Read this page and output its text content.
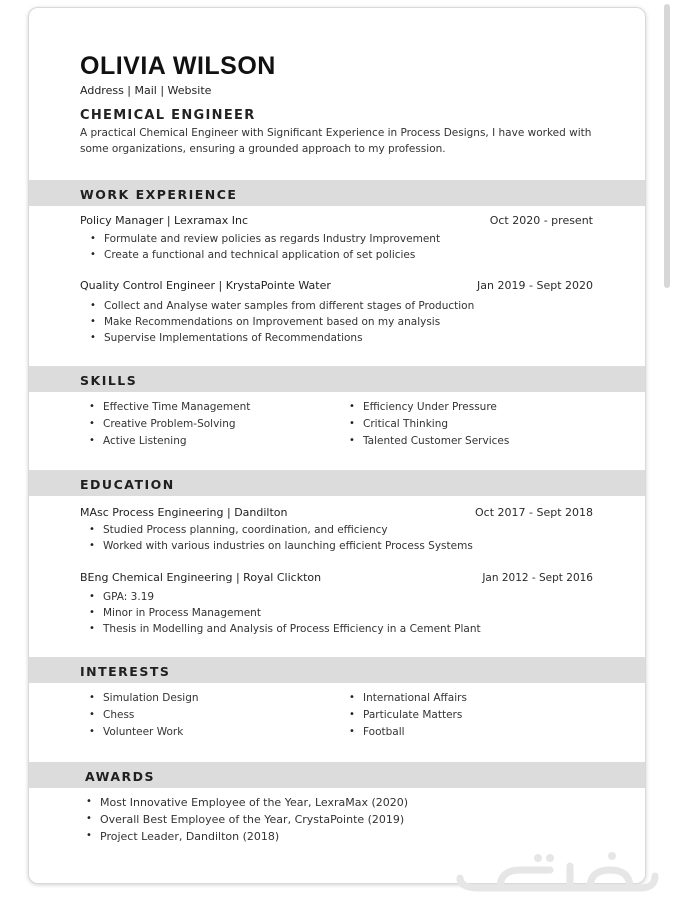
OLIVIA WILSON
Address | Mail | Website
CHEMICAL ENGINEER
A practical Chemical Engineer with Significant Experience in Process Designs, I have worked with some organizations, ensuring a grounded approach to my profession.
WORK EXPERIENCE
Policy Manager | Lexramax Inc	Oct 2020 - present
• Formulate and review policies as regards Industry Improvement
• Create a functional and technical application of set policies
Quality Control Engineer | KrystaPointe Water	Jan 2019 - Sept 2020
• Collect and Analyse water samples from different stages of Production
• Make Recommendations on Improvement based on my analysis
• Supervise Implementations of Recommendations
SKILLS
• Effective Time Management
• Creative Problem-Solving
• Active Listening
• Efficiency Under Pressure
• Critical Thinking
• Talented Customer Services
EDUCATION
MAsc Process Engineering | Dandilton	Oct 2017 - Sept 2018
• Studied Process planning, coordination, and efficiency
• Worked with various industries on launching efficient Process Systems
BEng Chemical Engineering | Royal Clickton	Jan 2012 - Sept 2016
• GPA: 3.19
• Minor in Process Management
• Thesis in Modelling and Analysis of Process Efficiency in a Cement Plant
INTERESTS
• Simulation Design
• Chess
• Volunteer Work
• International Affairs
• Particulate Matters
• Football
AWARDS
• Most Innovative Employee of the Year, LexraMax (2020)
• Overall Best Employee of the Year, CrystaPointe (2019)
• Project Leader, Dandilton (2018)
حراج
